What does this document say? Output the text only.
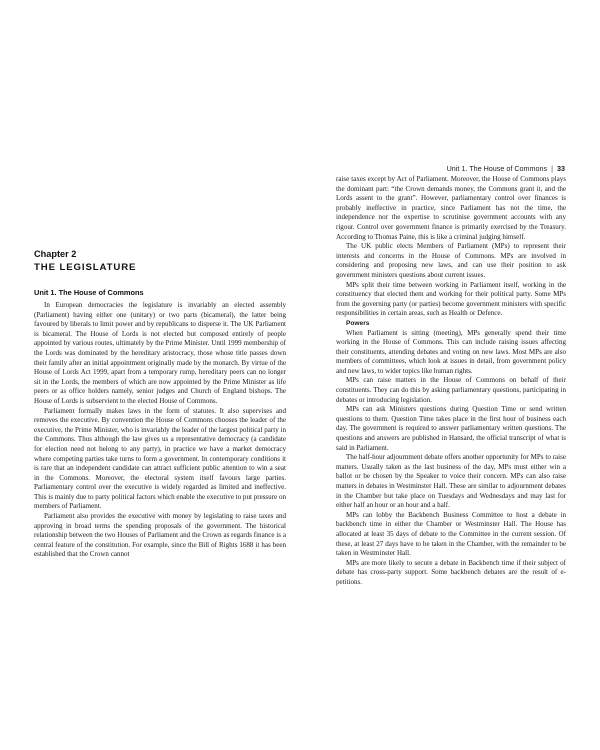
Chapter 2
THE LEGISLATURE
Unit 1. The House of Commons

In European democracies the legislature is invariably an elected assembly (Parliament) having either one (unitary) or two parts (bicameral), the latter being favoured by liberals to limit power and by republicans to disperse it. The UK Parliament is bicameral. The House of Lords is not elected but composed entirely of people appointed by various routes, ultimately by the Prime Minister. Until 1999 membership of the Lords was dominated by the hereditary aristocracy, those whose title passes down their family after an initial appointment originally made by the monarch. By virtue of the House of Lords Act 1999, apart from a temporary rump, hereditary peers can no longer sit in the Lords, the members of which are now appointed by the Prime Minister as life peers or as office holders namely, senior judges and Church of England bishops. The House of Lords is subservient to the elected House of Commons.

Parliament formally makes laws in the form of statutes. It also supervises and removes the executive. By convention the House of Commons chooses the leader of the executive, the Prime Minister, who is invariably the leader of the largest political party in the Commons. Thus although the law gives us a representative democracy (a candidate for election need not belong to any party), in practice we have a market democracy where competing parties take turns to form a government. In contemporary conditions it is rare that an independent candidate can attract sufficient public attention to win a seat in the Commons. Moreover, the electoral system itself favours large parties. Parliamentary control over the executive is widely regarded as limited and ineffective. This is mainly due to party political factors which enable the executive to put pressure on members of Parliament.

Parliament also provides the executive with money by legislating to raise taxes and approving in broad terms the spending proposals of the government. The historical relationship between the two Houses of Parliament and the Crown as regards finance is a central feature of the constitution. For example, since the Bill of Rights 1688 it has been established that the Crown cannot

Unit 1. The House of Commons | 33

raise taxes except by Act of Parliament. Moreover, the House of Commons plays the dominant part: “the Crown demands money, the Commons grant it, and the Lords assent to the grant”. However, parliamentary control over finances is probably ineffective in practice, since Parliament has not the time, the independence nor the expertise to scrutinise government accounts with any rigour. Control over government finance is primarily exercised by the Treasury. According to Thomas Paine, this is like a criminal judging himself.

The UK public elects Members of Parliament (MPs) to represent their interests and concerns in the House of Commons. MPs are involved in considering and proposing new laws, and can use their position to ask government ministers questions about current issues.

MPs split their time between working in Parliament itself, working in the constituency that elected them and working for their political party. Some MPs from the governing party (or parties) become government ministers with specific responsibilities in certain areas, such as Health or Defence.

Powers

When Parliament is sitting (meeting), MPs generally spend their time working in the House of Commons. This can include raising issues affecting their constituents, attending debates and voting on new laws. Most MPs are also members of committees, which look at issues in detail, from government policy and new laws, to wider topics like human rights.

MPs can raise matters in the House of Commons on behalf of their constituents. They can do this by asking parliamentary questions, participating in debates or introducing legislation.

MPs can ask Ministers questions during Question Time or send written questions to them. Question Time takes place in the first hour of business each day. The government is required to answer parliamentary written questions. The questions and answers are published in Hansard, the official transcript of what is said in Parliament.

The half-hour adjournment debate offers another opportunity for MPs to raise matters. Usually taken as the last business of the day, MPs must either win a ballot or be chosen by the Speaker to voice their concern. MPs can also raise matters in debates in Westminster Hall. These are similar to adjournment debates in the Chamber but take place on Tuesdays and Wednesdays and may last for either half an hour or an hour and a half.

MPs can lobby the Backbench Business Committee to host a debate in backbench time in either the Chamber or Westminster Hall. The House has allocated at least 35 days of debate to the Committee in the current session. Of these, at least 27 days have to be taken in the Chamber, with the remainder to be taken in Westminster Hall.

MPs are more likely to secure a debate in Backbench time if their subject of debate has cross-party support. Some backbench debates are the result of e-petitions.
